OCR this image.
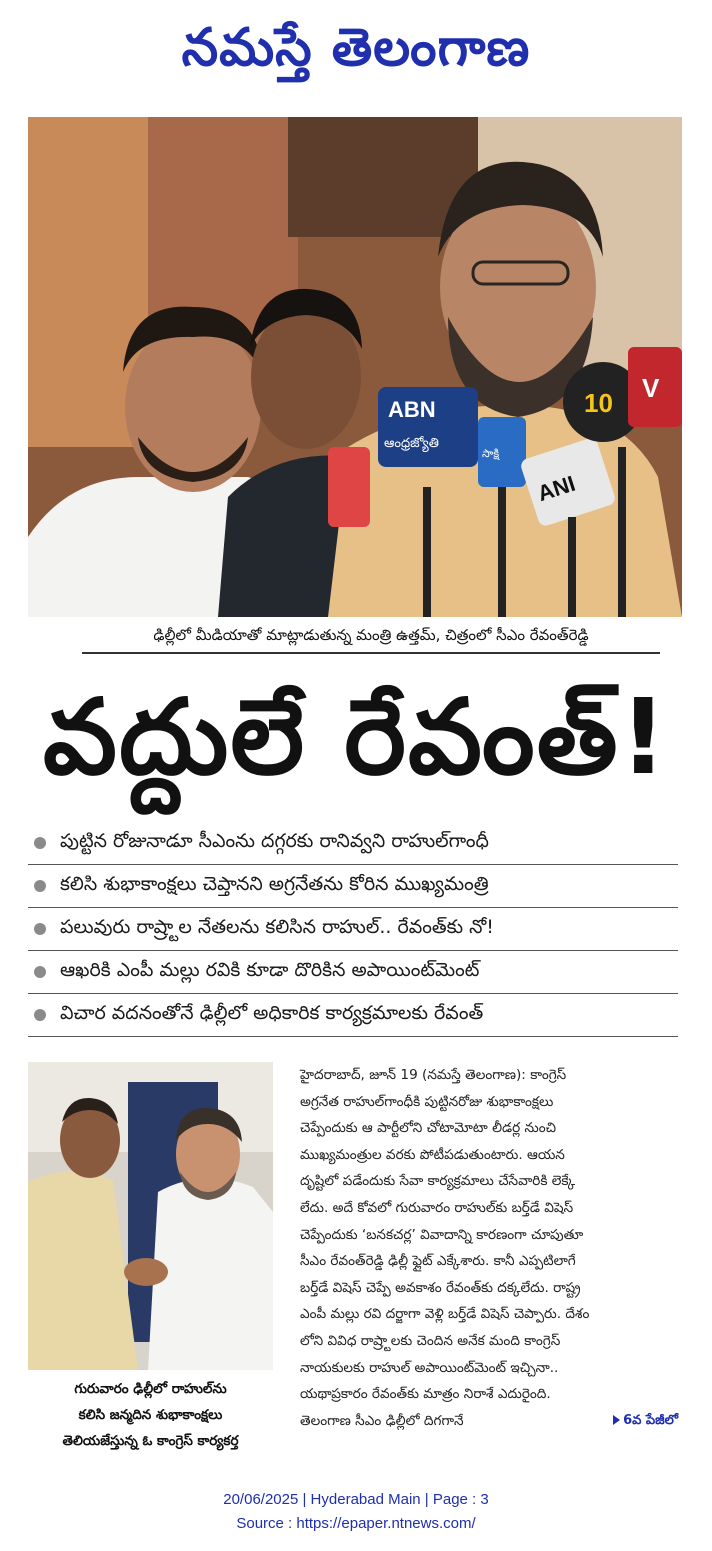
నమస్తే తెలంగాణ
ABN
ఆంధ్రజ్యోతి
సాక్షి
ANI
10 V
ఢిల్లీలో మీడియాతో మాట్లాడుతున్న మంత్రి ఉత్తమ్, చిత్రంలో సీఎం రేవంత్‌రెడ్డి
వద్దులే రేవంత్‌!
పుట్టిన రోజునాడూ సీఎంను దగ్గరకు రానివ్వని రాహుల్‌గాంధీ
కలిసి శుభాకాంక్షలు చెప్తానని అగ్రనేతను కోరిన ముఖ్యమంత్రి
పలువురు రాష్ర్టాల నేతలను కలిసిన రాహుల్‌.. రేవంత్‌కు నో!
ఆఖరికి ఎంపీ మల్లు రవికి కూడా దొరికిన అపాయింట్‌మెంట్‌
విచార వదనంతోనే ఢిల్లీలో అధికారిక కార్యక్రమాలకు రేవంత్‌
గురువారం ఢిల్లీలో రాహుల్‌ను
కలిసి జన్మదిన శుభాకాంక్షలు
తెలియజేస్తున్న ఓ కాంగ్రెస్‌ కార్యకర్త

హైదరాబాద్‌, జూన్‌ 19 (నమస్తే తెలంగాణ): కాంగ్రెస్‌

అగ్రనేత రాహుల్‌గాంధీకి పుట్టినరోజు శుభాకాంక్షలు

చెప్పేందుకు ఆ పార్టీలోని చోటామోటా లీడర్ల నుంచి

ముఖ్యమంత్రుల వరకు పోటీపడుతుంటారు. ఆయన

దృష్టిలో పడేందుకు సేవా కార్యక్రమాలు చేసేవారికి లెక్కే

లేదు. అదే కోవలో గురువారం రాహుల్‌కు బర్త్‌డే విషెస్‌

చెప్పేందుకు ‘బనకచర్ల’ వివాదాన్ని కారణంగా చూపుతూ

సీఎం రేవంత్‌రెడ్డి ఢిల్లీ ఫ్లైట్‌ ఎక్కేశారు. కానీ ఎప్పటిలాగే

బర్త్‌డే విషెస్‌ చెప్పే అవకాశం రేవంత్‌కు దక్కలేదు. రాష్ట్ర

ఎంపీ మల్లు రవి దర్జాగా వెళ్లి బర్త్‌డే విషెస్‌ చెప్పారు. దేశం

లోని వివిధ రాష్ర్టాలకు చెందిన అనేక మంది కాంగ్రెస్‌

నాయకులకు రాహుల్‌ అపాయింట్‌మెంట్‌ ఇచ్చినా..

యథాప్రకారం రేవంత్‌కు మాత్రం నిరాశే ఎదురైంది.

తెలంగాణ సీఎం ఢిల్లీలో దిగగానే	6వ పేజీలో

20/06/2025 | Hyderabad Main | Page : 3
Source : https://epaper.ntnews.com/
